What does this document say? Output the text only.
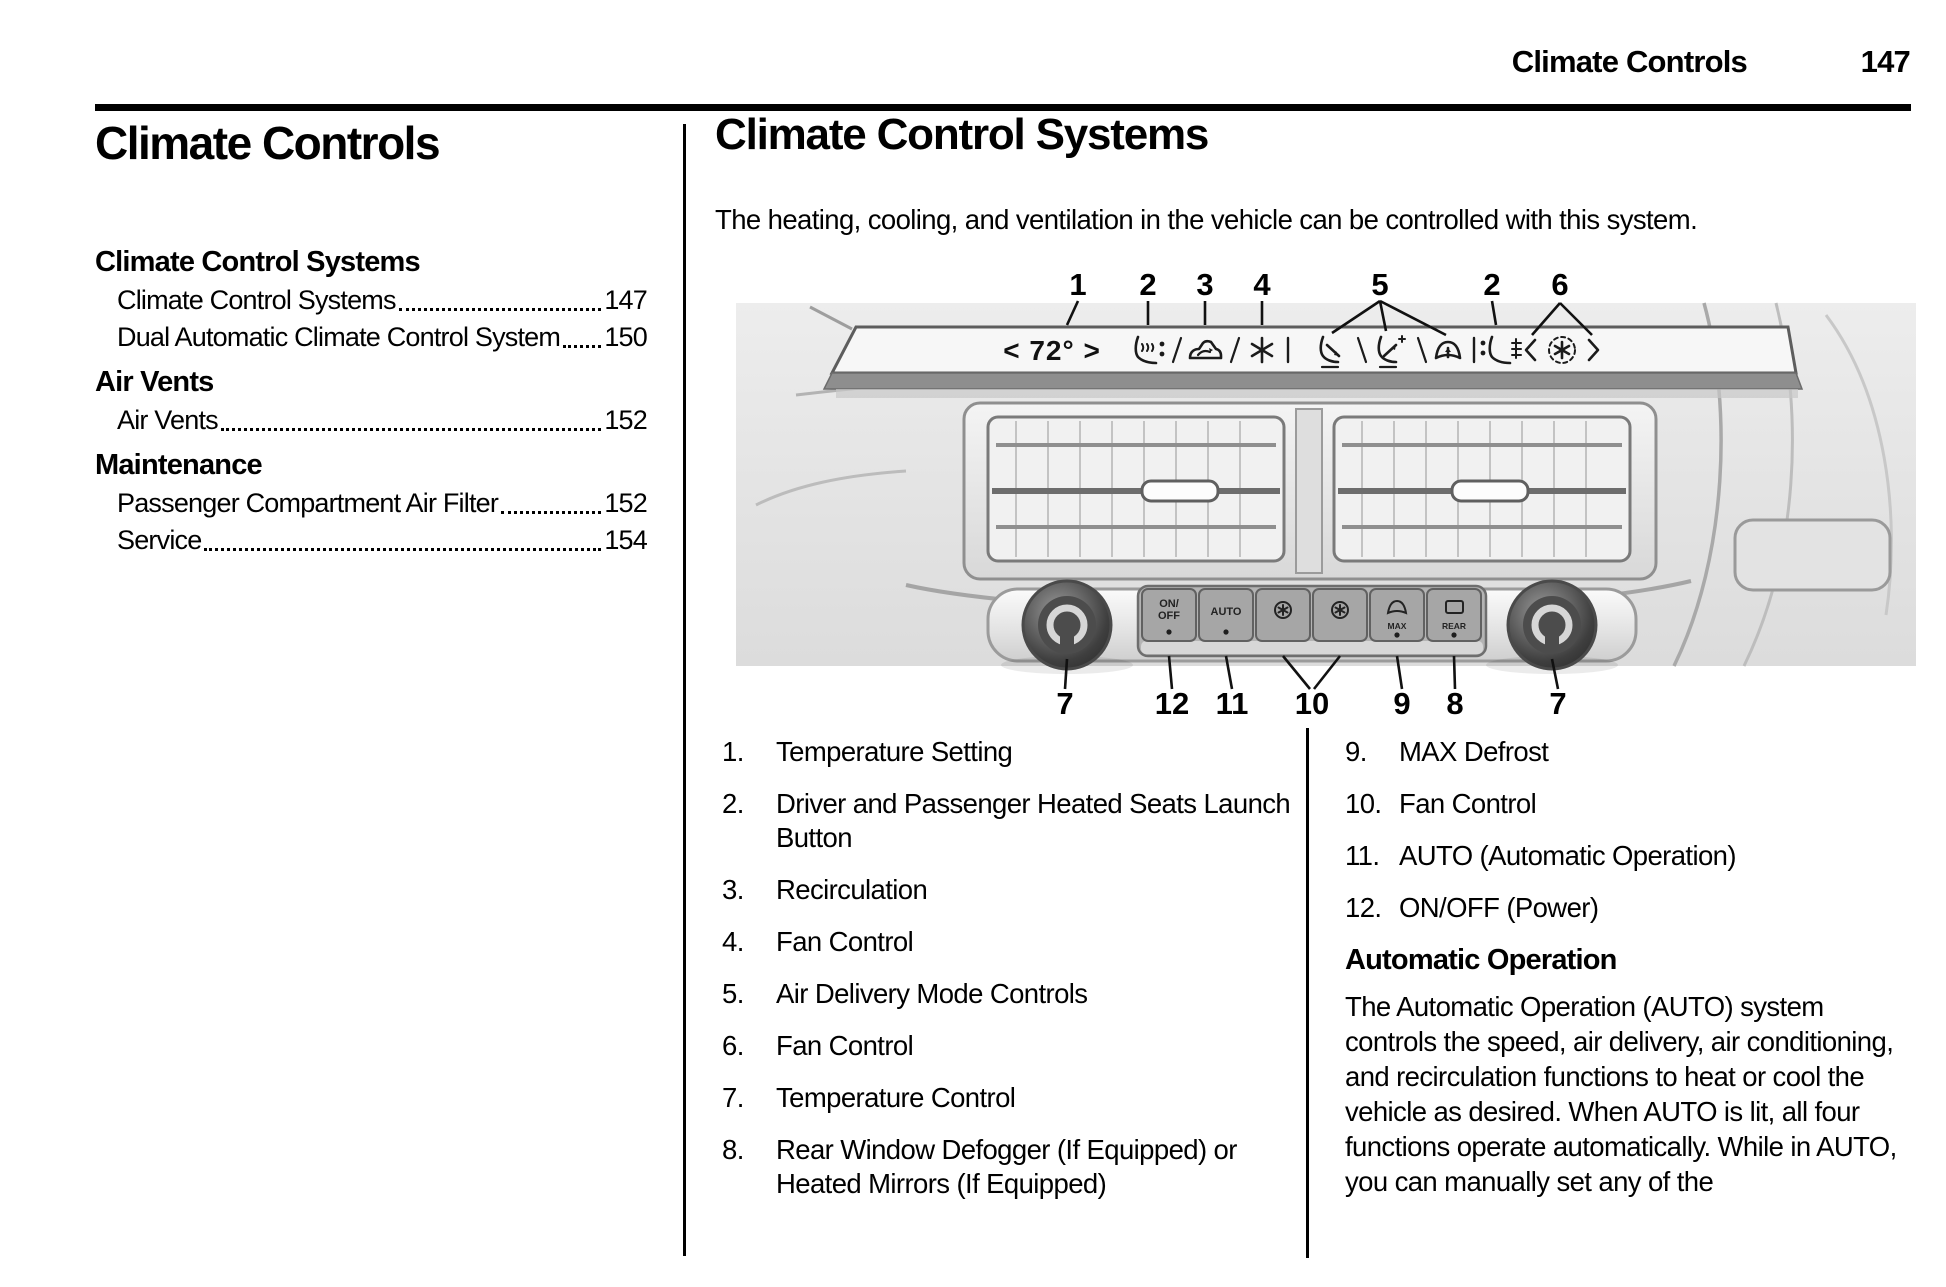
Climate Controls	147
Climate Controls
Climate Control Systems
Climate Control Systems	147
Dual Automatic Climate Control System 150
Air Vents
Air Vents	152
Maintenance
Passenger Compartment Air Filter	152
Service	154
Climate Control Systems
The heating, cooling, and ventilation in the vehicle can be controlled with this system.
< 72° >
ON/
OFF	AUTO
MAX	REAR
1 2 3 4	5	2 6
7	12 11 10 9 8	7
1.	Temperature Setting
2.	Driver and Passenger Heated Seats Launch Button
3.	Recirculation
4.	Fan Control
5.	Air Delivery Mode Controls
6.	Fan Control
7.	Temperature Control
8.	Rear Window Defogger (If Equipped) or Heated Mirrors (If Equipped)
9.	MAX Defrost
10. Fan Control
11. AUTO (Automatic Operation)
12. ON/OFF (Power)
Automatic Operation
The Automatic Operation (AUTO) system controls the speed, air delivery, air conditioning, and recirculation functions to heat or cool the vehicle as desired. When AUTO is lit, all four functions operate automatically. While in AUTO, you can manually set any of the
